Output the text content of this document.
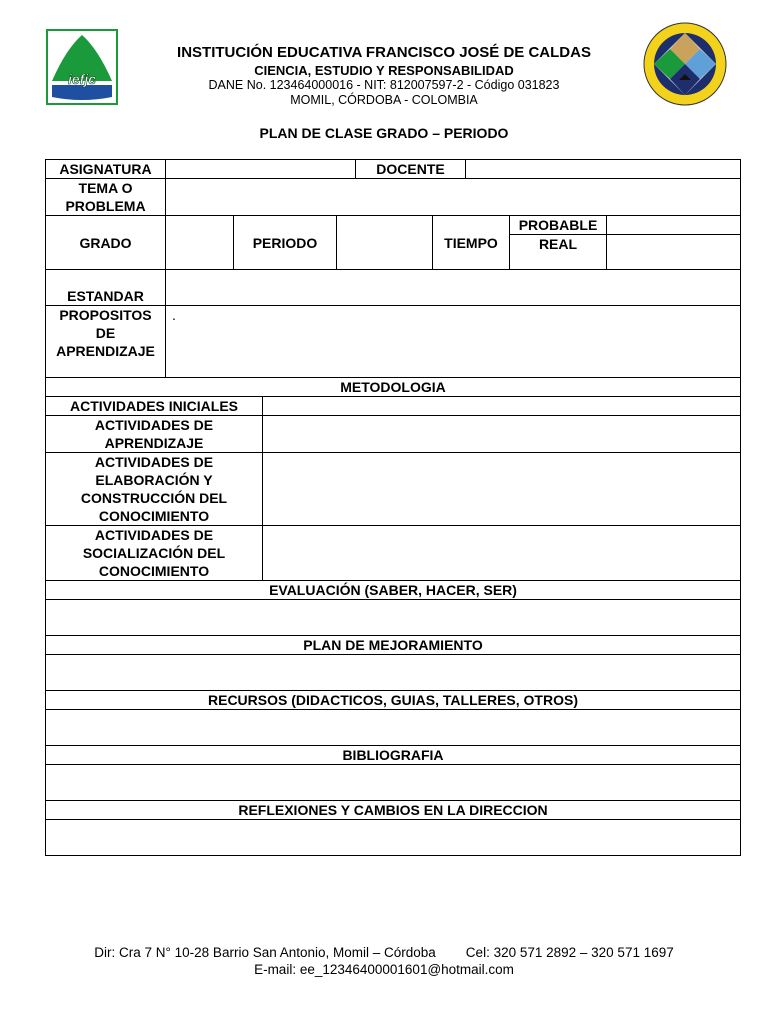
iefjc
INSTITUCIÓN EDUCATIVA FRANCISCO JOSÉ DE CALDAS
CIENCIA, ESTUDIO Y RESPONSABILIDAD
DANE No. 123464000016 - NIT: 812007597-2 - Código 031823
MOMIL, CÓRDOBA - COLOMBIA
PLAN DE CLASE GRADO – PERIODO
ASIGNATURA					DOCENTE				
TEMA O PROBLEMA									
GRADO		PERIODO				TIEMPO		PROBABLE	
								REAL	
ESTANDAR									
PROPOSITOS DE APRENDIZAJE	.								
METODOLOGIA									
ACTIVIDADES INICIALES									
ACTIVIDADES DE APRENDIZAJE									
ACTIVIDADES DE ELABORACIÓN Y CONSTRUCCIÓN DEL CONOCIMIENTO									
ACTIVIDADES DE SOCIALIZACIÓN DEL CONOCIMIENTO									
EVALUACIÓN (SABER, HACER, SER)									

PLAN DE MEJORAMIENTO									

RECURSOS (DIDACTICOS, GUIAS, TALLERES, OTROS)									

BIBLIOGRAFIA									

REFLEXIONES Y CAMBIOS EN LA DIRECCION									

Dir: Cra 7 N° 10-28 Barrio San Antonio, Momil – Córdoba        Cel: 320 571 2892 – 320 571 1697
E-mail: ee_12346400001601@hotmail.com
